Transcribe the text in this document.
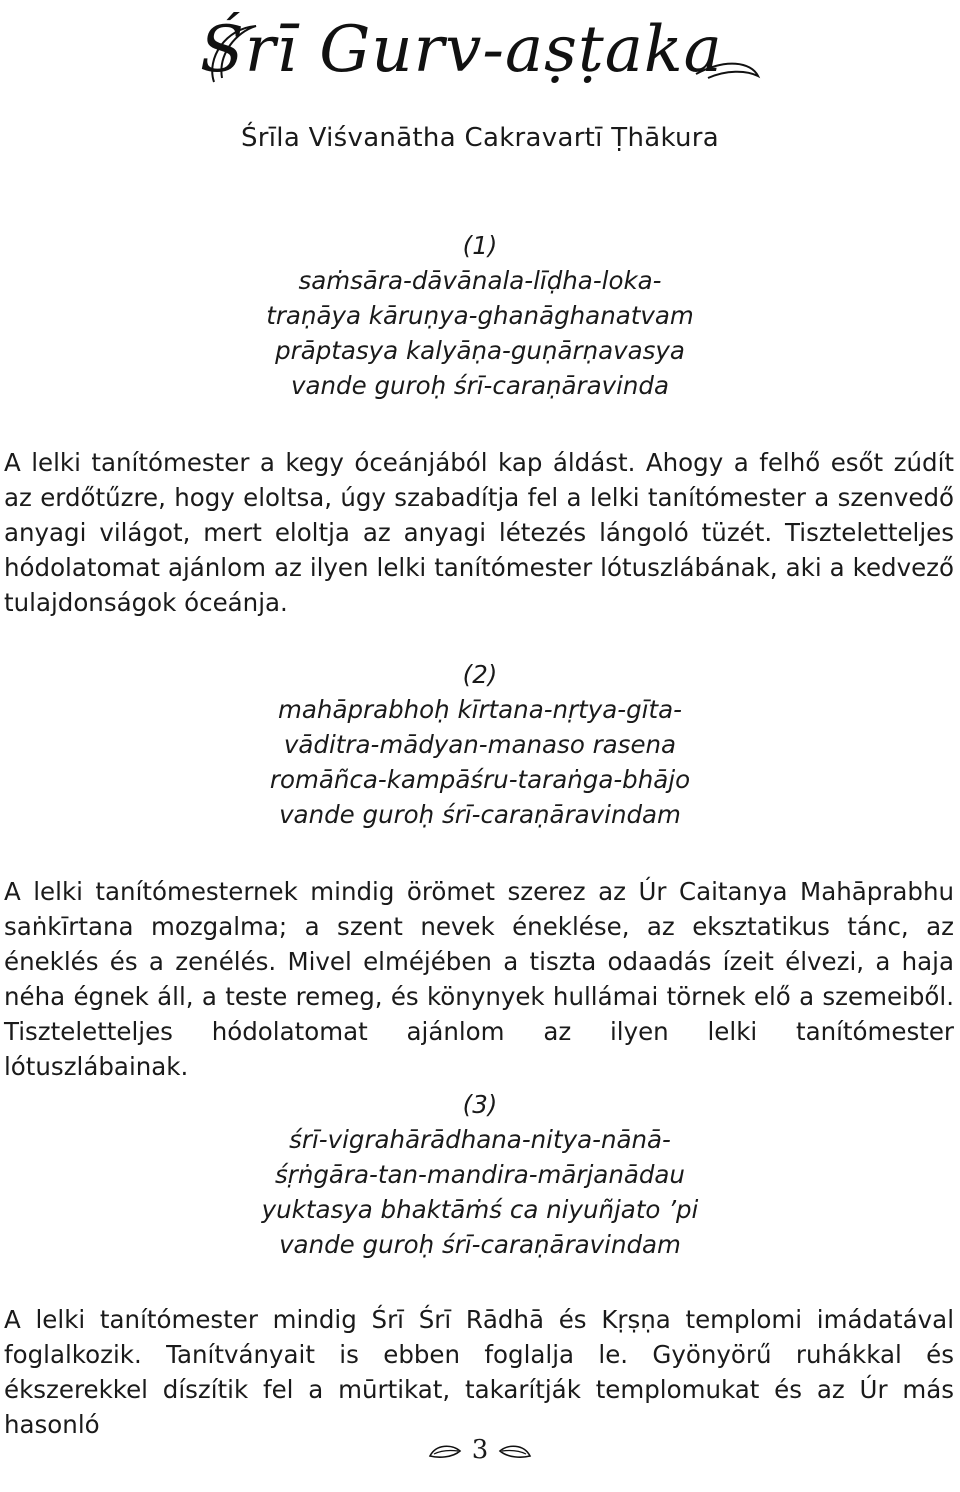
Śrī Gurv-aṣṭaka
Śrīla Viśvanātha Cakravartī Ṭhākura
(1)
saṁsāra-dāvānala-līḍha-loka-
traṇāya kāruṇya-ghanāghanatvam
prāptasya kalyāṇa-guṇārṇavasya
vande guroḥ śrī-caraṇāravinda
A lelki tanítómester a kegy óceánjából kap áldást. Ahogy a felhő esőt zúdít az erdőtűzre, hogy eloltsa, úgy szabadítja fel a lelki tanítómester a szenvedő anyagi világot, mert eloltja az anyagi létezés lángoló tüzét. Tiszteletteljes hódolatomat ajánlom az ilyen lelki tanítómester lótuszlábának, aki a kedvező tulajdonságok óceánja.
(2)
mahāprabhoḥ kīrtana-nṛtya-gīta-
vāditra-mādyan-manaso rasena
romāñca-kampāśru-taraṅga-bhājo
vande guroḥ śrī-caraṇāravindam
A lelki tanítómesternek mindig örömet szerez az Úr Caitanya Mahāprabhu saṅkīrtana mozgalma; a szent nevek éneklése, az eksztatikus tánc, az éneklés és a zenélés. Mivel elméjében a tiszta odaadás ízeit élvezi, a haja néha égnek áll, a teste remeg, és könynyek hullámai törnek elő a szemeiből. Tiszteletteljes hódolatomat ajánlom az ilyen lelki tanítómester lótuszlábainak.
(3)
śrī-vigrahārādhana-nitya-nānā-
śṛṅgāra-tan-mandira-mārjanādau
yuktasya bhaktāṁś ca niyuñjato ’pi
vande guroḥ śrī-caraṇāravindam
A lelki tanítómester mindig Śrī Śrī Rādhā és Kṛṣṇa templomi imádatával foglalkozik. Tanítványait is ebben foglalja le. Gyönyörű ruhákkal és ékszerekkel díszítik fel a mūrtikat, takarítják templomukat és az Úr más hasonló
3
